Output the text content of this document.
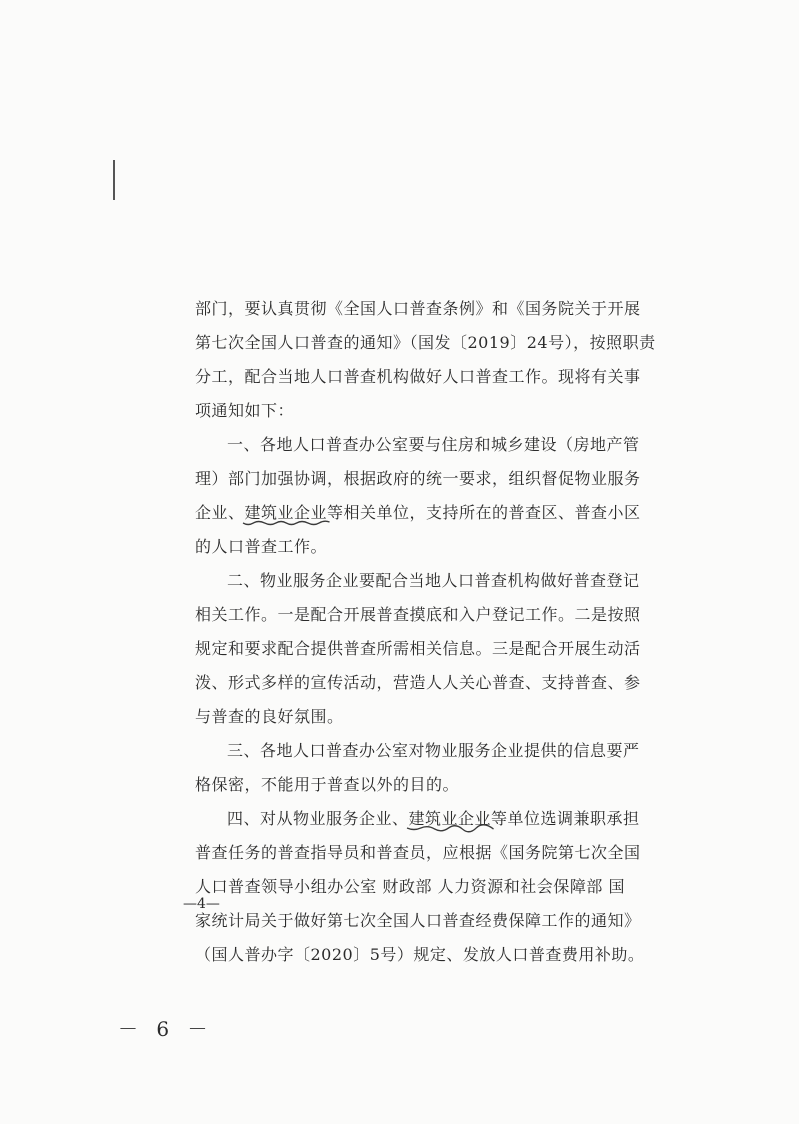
部门，要认真贯彻《全国人口普查条例》和《国务院关于开展
第七次全国人口普查的通知》（国发〔2019〕24号），按照职责
分工，配合当地人口普查机构做好人口普查工作。现将有关事
项通知如下：
一、各地人口普查办公室要与住房和城乡建设（房地产管
理）部门加强协调，根据政府的统一要求，组织督促物业服务
企业、建筑业企业
等相关单位，支持所在的普查区、普查小区
的人口普查工作。
二、物业服务企业要配合当地人口普查机构做好普查登记
相关工作。一是配合开展普查摸底和入户登记工作。二是按照
规定和要求配合提供普查所需相关信息。三是配合开展生动活
泼、形式多样的宣传活动，营造人人关心普查、支持普查、参
与普查的良好氛围。
三、各地人口普查办公室对物业服务企业提供的信息要严
格保密，不能用于普查以外的目的。
四、对从物业服务企业、建筑业企业
等单位选调兼职承担
普查任务的普查指导员和普查员，应根据《国务院第七次全国
人口普查领导小组办公室 财政部 人力资源和社会保障部 国
家统计局关于做好第七次全国人口普查经费保障工作的通知》
（国人普办字〔2020〕5号）规定、发放人口普查费用补助。
—4—
－ 6 －
